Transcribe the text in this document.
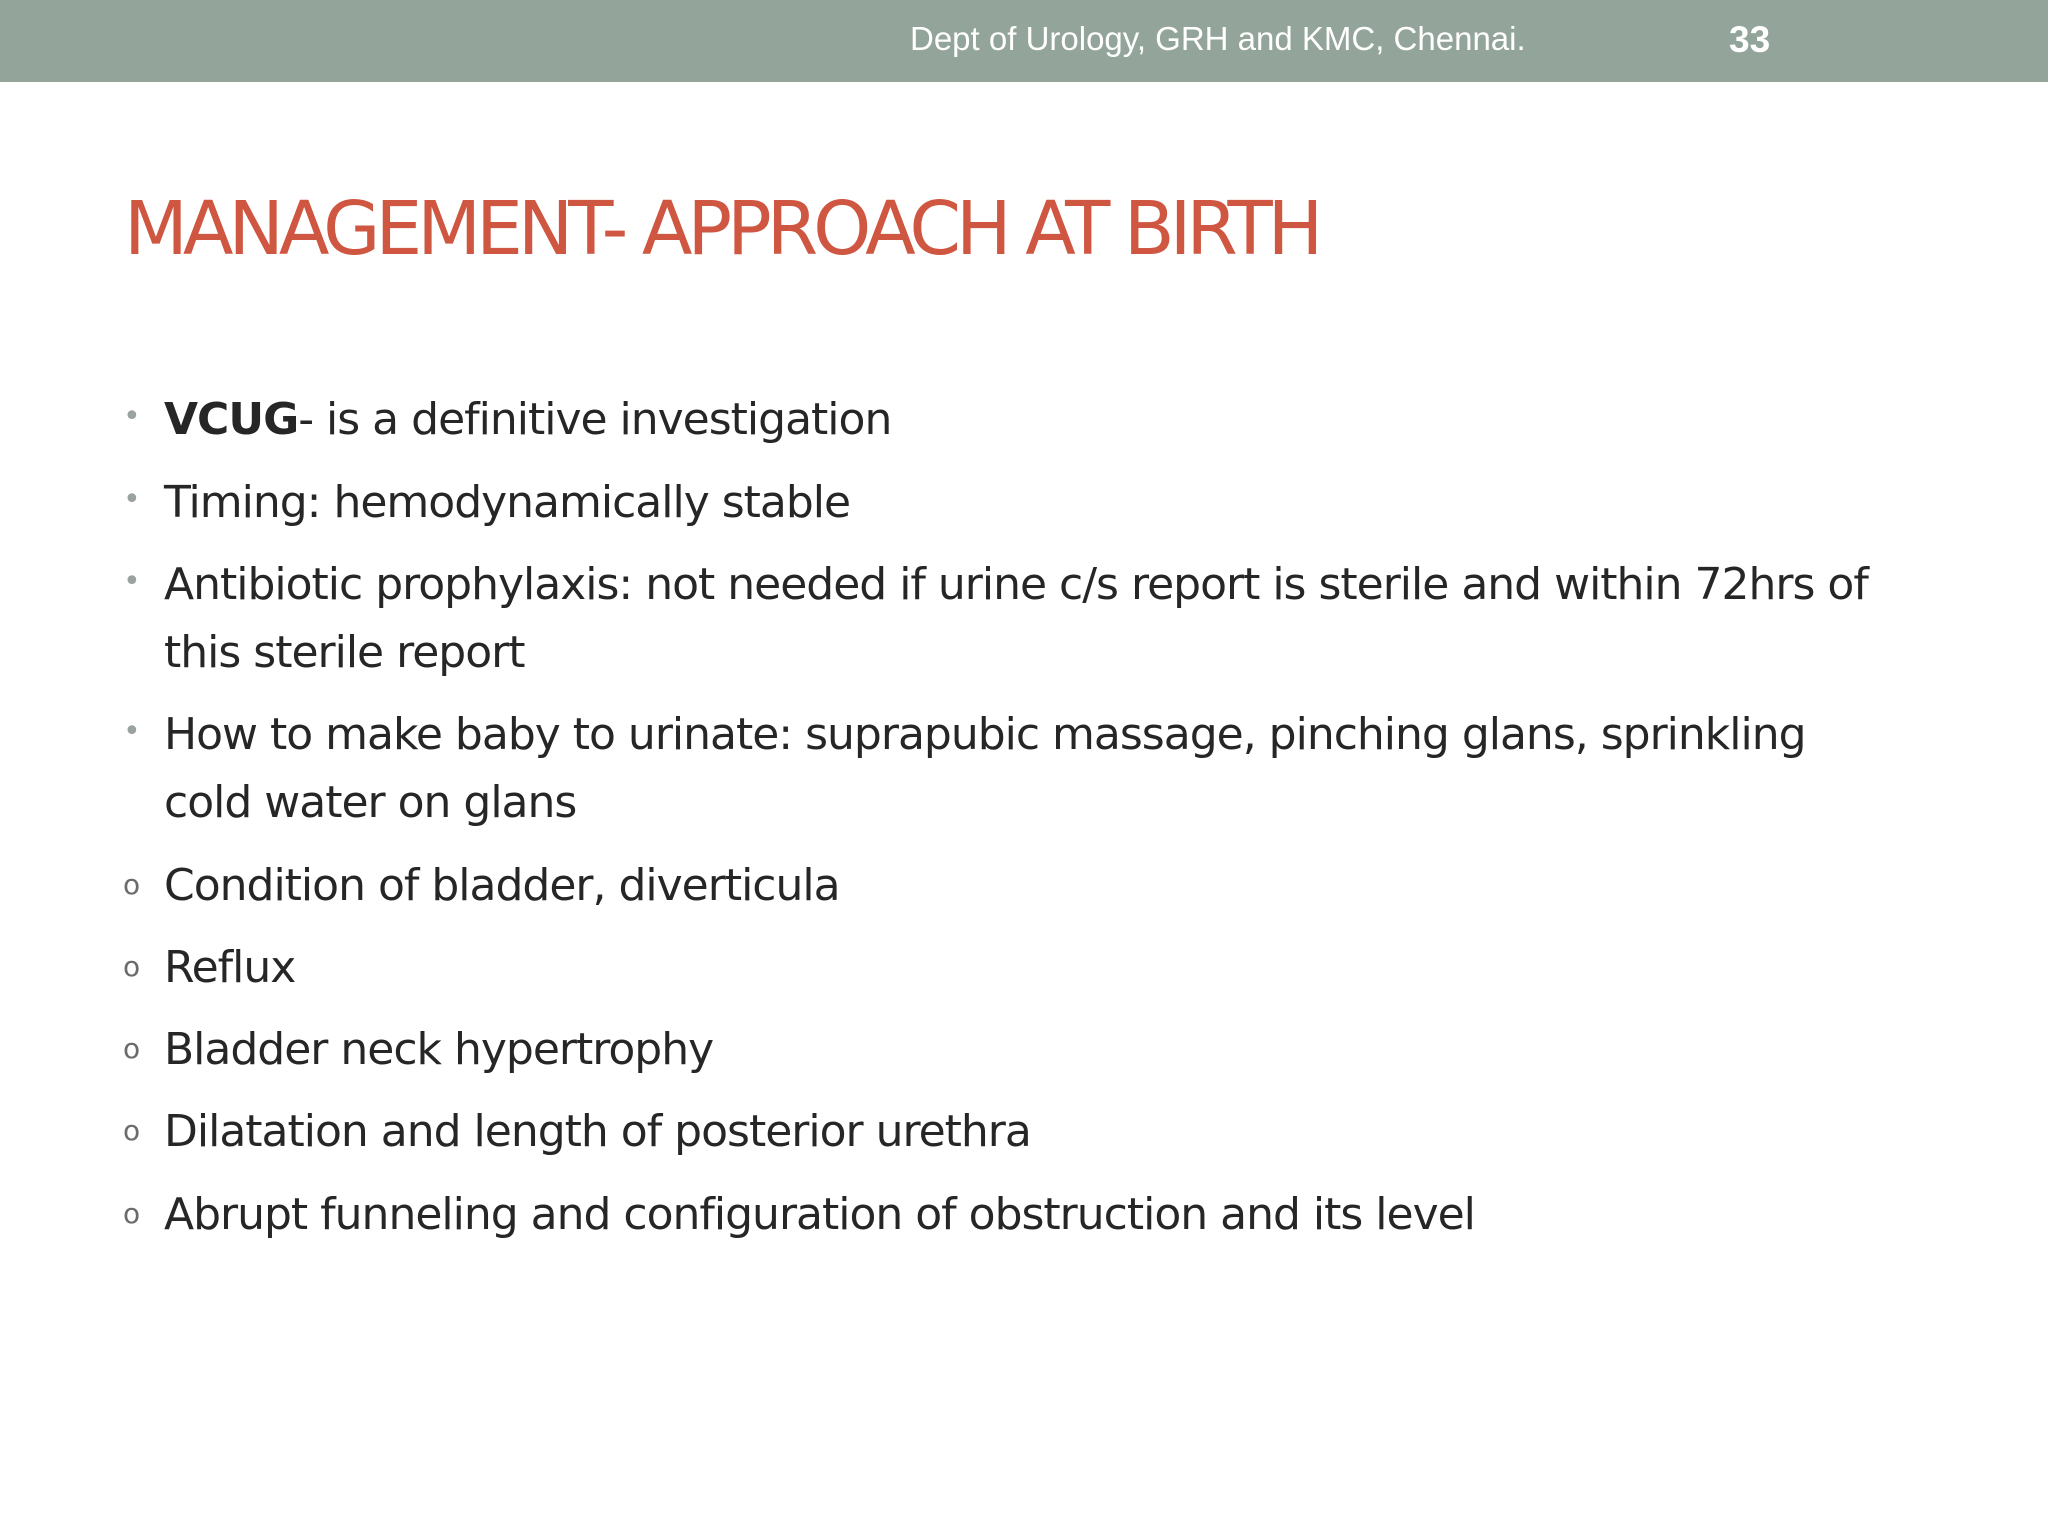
Dept of Urology, GRH and KMC, Chennai.	33
MANAGEMENT- APPROACH AT BIRTH
• VCUG- is a definitive investigation
• Timing: hemodynamically stable
• Antibiotic prophylaxis: not needed if urine c/s report is sterile and within 72hrs of this sterile report
• How to make baby to urinate: suprapubic massage, pinching glans, sprinkling cold water on glans
o Condition of bladder, diverticula
o Reflux
o Bladder neck hypertrophy
o Dilatation and length of posterior urethra
o Abrupt funneling and configuration of obstruction and its level
